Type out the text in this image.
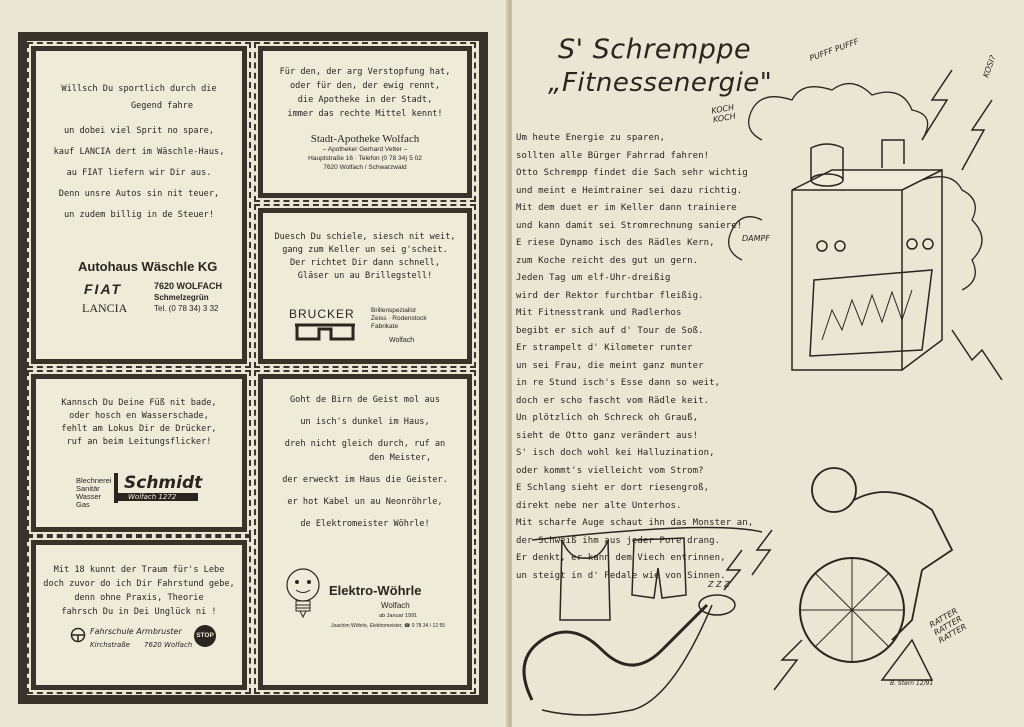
Willsch Du sportlich durch die
Gegend fahre
un dobei viel Sprit no spare,
kauf LANCIA dert im Wäschle-Haus,
au FIAT liefern wir Dir aus.
Denn unsre Autos sin nit teuer,
un zudem billig in de Steuer!
Autohaus Wäschle KG
FIAT
LANCIA
7620 WOLFACH
Schmelzegrün
Tel. (0 78 34) 3 32
Für den, der arg Verstopfung hat,
oder für den, der ewig rennt,
die Apotheke in der Stadt,
immer das rechte Mittel kennt!
Stadt-Apotheke Wolfach
– Apotheker Gerhard Vetter –
Hauptstraße 16 · Telefon (0 78 34) 5 02
7620 Wolfach / Schwarzwald
Duesch Du schiele, siesch nit weit,
gang zum Keller un sei g'scheit.
Der richtet Dir dann schnell,
Gläser un au Brillegstell!
BRUCKER	Brillenspezialist
Zeiss · Rodenstock
Fabrikate
Wolfach
Kannsch Du Deine Füß nit bade,
oder hosch en Wasserschade,
fehlt am Lokus Dir de Drücker,
ruf an beim Leitungsflicker!
Blechnerei
Sanitär
Wasser
Gas
Schmidt
Wolfach 1272
Goht de Birn de Geist mol aus
un isch's dunkel im Haus,
dreh nicht gleich durch, ruf an
den Meister,
der erweckt im Haus die Geister.
er hot Kabel un au Neonröhrle,
de Elektromeister Wöhrle!
Elektro-Wöhrle
Wolfach
ab Januar 1991
Joachim Wöhrle, Elektromeister, ☎ 0 78 34 / 12 55
Mit 18 kunnt der Traum für's Lebe
doch zuvor do ich Dir Fahrstund gebe,
denn ohne Praxis, Theorie
fahrsch Du in Dei Unglück ni !
Fahrschule Armbruster
Kirchstraße 7620 Wolfach
STOP
S' Schremppe
„Fitnessenergie"
Um heute Energie zu sparen,
sollten alle Bürger Fahrrad fahren!
Otto Schrempp findet die Sach sehr wichtig
und meint e Heimtrainer sei dazu richtig.
Mit dem duet er im Keller dann trainiere
und kann damit sei Stromrechnung saniere!
E riese Dynamo isch des Rädles Kern,
zum Koche reicht des gut un gern.
Jeden Tag um elf-Uhr-dreißig
wird der Rektor furchtbar fleißig.
Mit Fitnesstrank und Radlerhos
begibt er sich auf d' Tour de Soß.
Er strampelt d' Kilometer runter
un sei Frau, die meint ganz munter
in re Stund isch's Esse dann so weit,
doch er scho fascht vom Rädle keit.
Un plötzlich oh Schreck oh Grauß,
sieht de Otto ganz verändert aus!
S' isch doch wohl kei Halluzination,
oder kommt's vielleicht vom Strom?
E Schlang sieht er dort riesengroß,
direkt nebe ner alte Unterhos.
Mit scharfe Auge schaut ihn das Monster an,
der Schweiß ihm aus jeder Pore drang.
Er denkt, er kann dem Viech entrinnen,
un steigt in d' Pedale wie von Sinnen.
PUFFF PUFFF
KOSI?
KOCH KOCH
DAMPF
Z Z Z
RATTER RATTER RATTER
B. Stern 12/91
